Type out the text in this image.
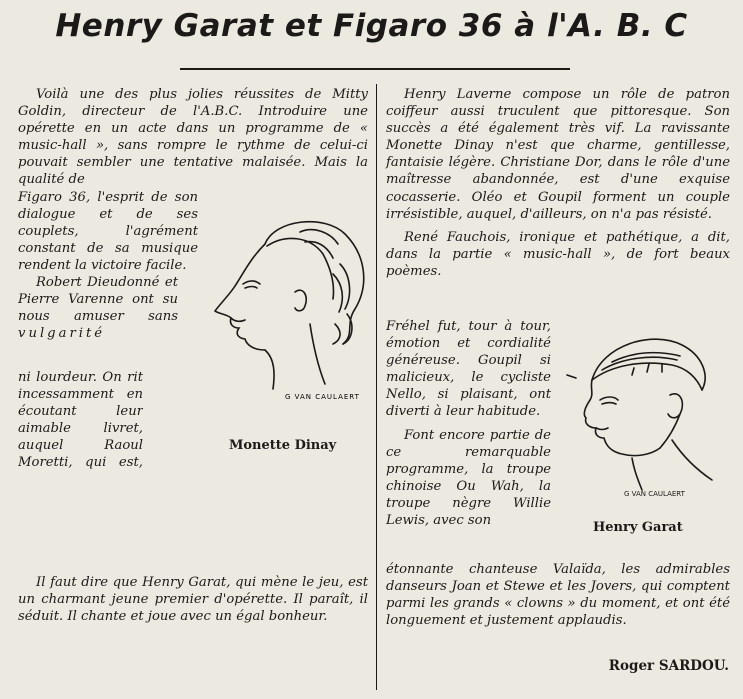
Henry Garat et Figaro 36 à l'A. B. C

Voilà une des plus jolies réussites de Mitty Goldin, directeur de l'A.B.C. Introduire une opérette en un acte dans un programme de « music-hall », sans rompre le rythme de celui-ci pouvait sembler une tentative malaisée. Mais la qualité de

Figaro 36, l'esprit de son dialogue et de ses couplets, l'agrément constant de sa musique rendent la victoire facile.

Robert Dieudonné et Pierre Varenne ont su nous amuser sans vulgarité

ni lourdeur. On rit incessamment en écoutant leur aimable livret, auquel Raoul Moretti, qui est,

Il faut dire que Henry Garat, qui mène le jeu, est un charmant jeune premier d'opérette. Il paraît, il séduit. Il chante et joue avec un égal bonheur.

G VAN CAULAERT
Monette Dinay

Henry Laverne compose un rôle de patron coiffeur aussi truculent que pittoresque. Son succès a été également très vif. La ravissante Monette Dinay n'est que charme, gentillesse, fantaisie légère. Christiane Dor, dans le rôle d'une maîtresse abandonnée, est d'une exquise cocasserie. Oléo et Goupil forment un couple irrésistible, auquel, d'ailleurs, on n'a pas résisté.

René Fauchois, ironique et pathétique, a dit, dans la partie « music-hall », de fort beaux poèmes.

Fréhel fut, tour à tour, émotion et cordialité généreuse. Goupil si malicieux, le cycliste Nello, si plaisant, ont diverti à leur habitude.

Font encore partie de ce remarquable programme, la troupe chinoise Ou Wah, la troupe nègre Willie Lewis, avec son

étonnante chanteuse Valaïda, les admirables danseurs Joan et Stewe et les Jovers, qui comptent parmi les grands « clowns » du moment, et ont été longuement et justement applaudis.

G VAN CAULAERT
Henry Garat
Roger SARDOU.
